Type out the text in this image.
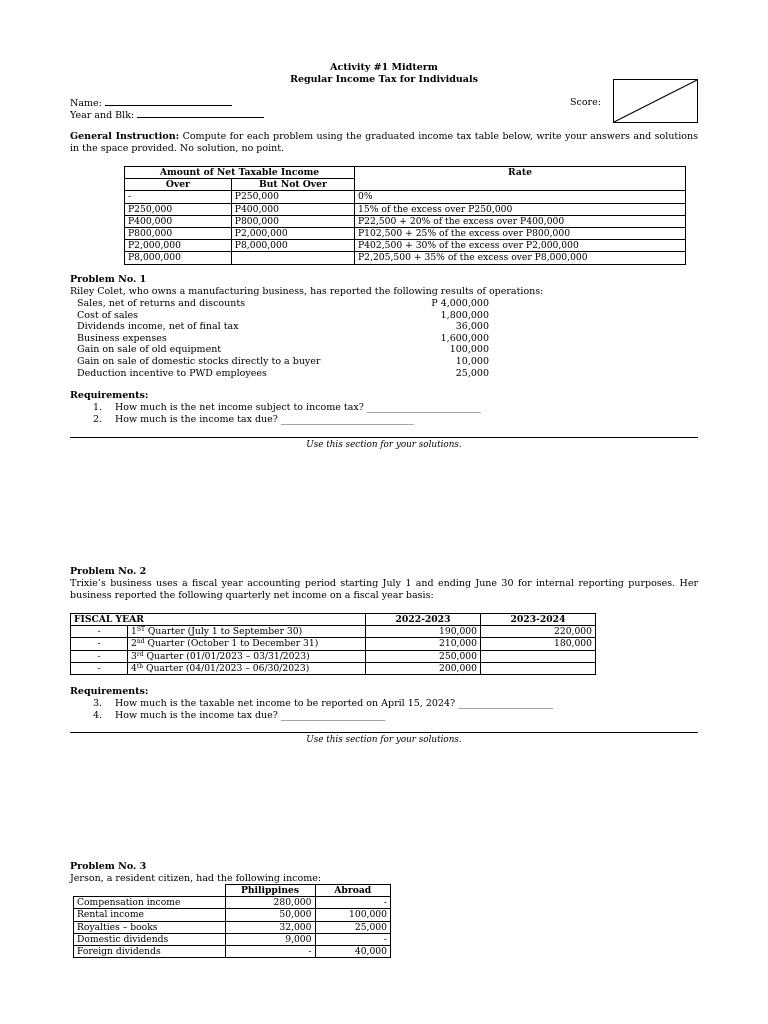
Activity #1 Midterm
Regular Income Tax for Individuals
Name:
Year and Blk:
Score:
General Instruction: Compute for each problem using the graduated income tax table below, write your answers and solutions in the space provided. No solution, no point.
Amount of Net Taxable Income		Rate
Over	But Not Over	
-	P250,000	0%
P250,000	P400,000	15% of the excess over P250,000
P400,000	P800,000	P22,500 + 20% of the excess over P400,000
P800,000	P2,000,000	P102,500 + 25% of the excess over P800,000
P2,000,000	P8,000,000	P402,500 + 30% of the excess over P2,000,000
P8,000,000		P2,205,500 + 35% of the excess over P8,000,000
Problem No. 1
Riley Colet, who owns a manufacturing business, has reported the following results of operations:
Sales, net of returns and discounts	P 4,000,000
Cost of sales	1,800,000
Dividends income, net of final tax	36,000
Business expenses	1,600,000
Gain on sale of old equipment	100,000
Gain on sale of domestic stocks directly to a buyer	10,000
Deduction incentive to PWD employees	25,000
Requirements:
1. How much is the net income subject to income tax? ________________________
2. How much is the income tax due? ____________________________
Use this section for your solutions.
Problem No. 2
Trixie’s business uses a fiscal year accounting period starting July 1 and ending June 30 for internal reporting purposes. Her business reported the following quarterly net income on a fiscal year basis:
FISCAL YEAR		2022-2023	2023-2024
-	1ST Quarter (July 1 to September 30)	190,000	220,000
-	2nd Quarter (October 1 to December 31)	210,000	180,000
-	3rd Quarter (01/01/2023 – 03/31/2023)	250,000	
-	4th Quarter (04/01/2023 – 06/30/2023)	200,000	
Requirements:
3. How much is the taxable net income to be reported on April 15, 2024? ____________________
4. How much is the income tax due? ______________________
Use this section for your solutions.
Problem No. 3
Jerson, a resident citizen, had the following income:
	Philippines	Abroad
Compensation income	280,000	-
Rental income	50,000	100,000
Royalties – books	32,000	25,000
Domestic dividends	9,000	-
Foreign dividends	-	40,000
